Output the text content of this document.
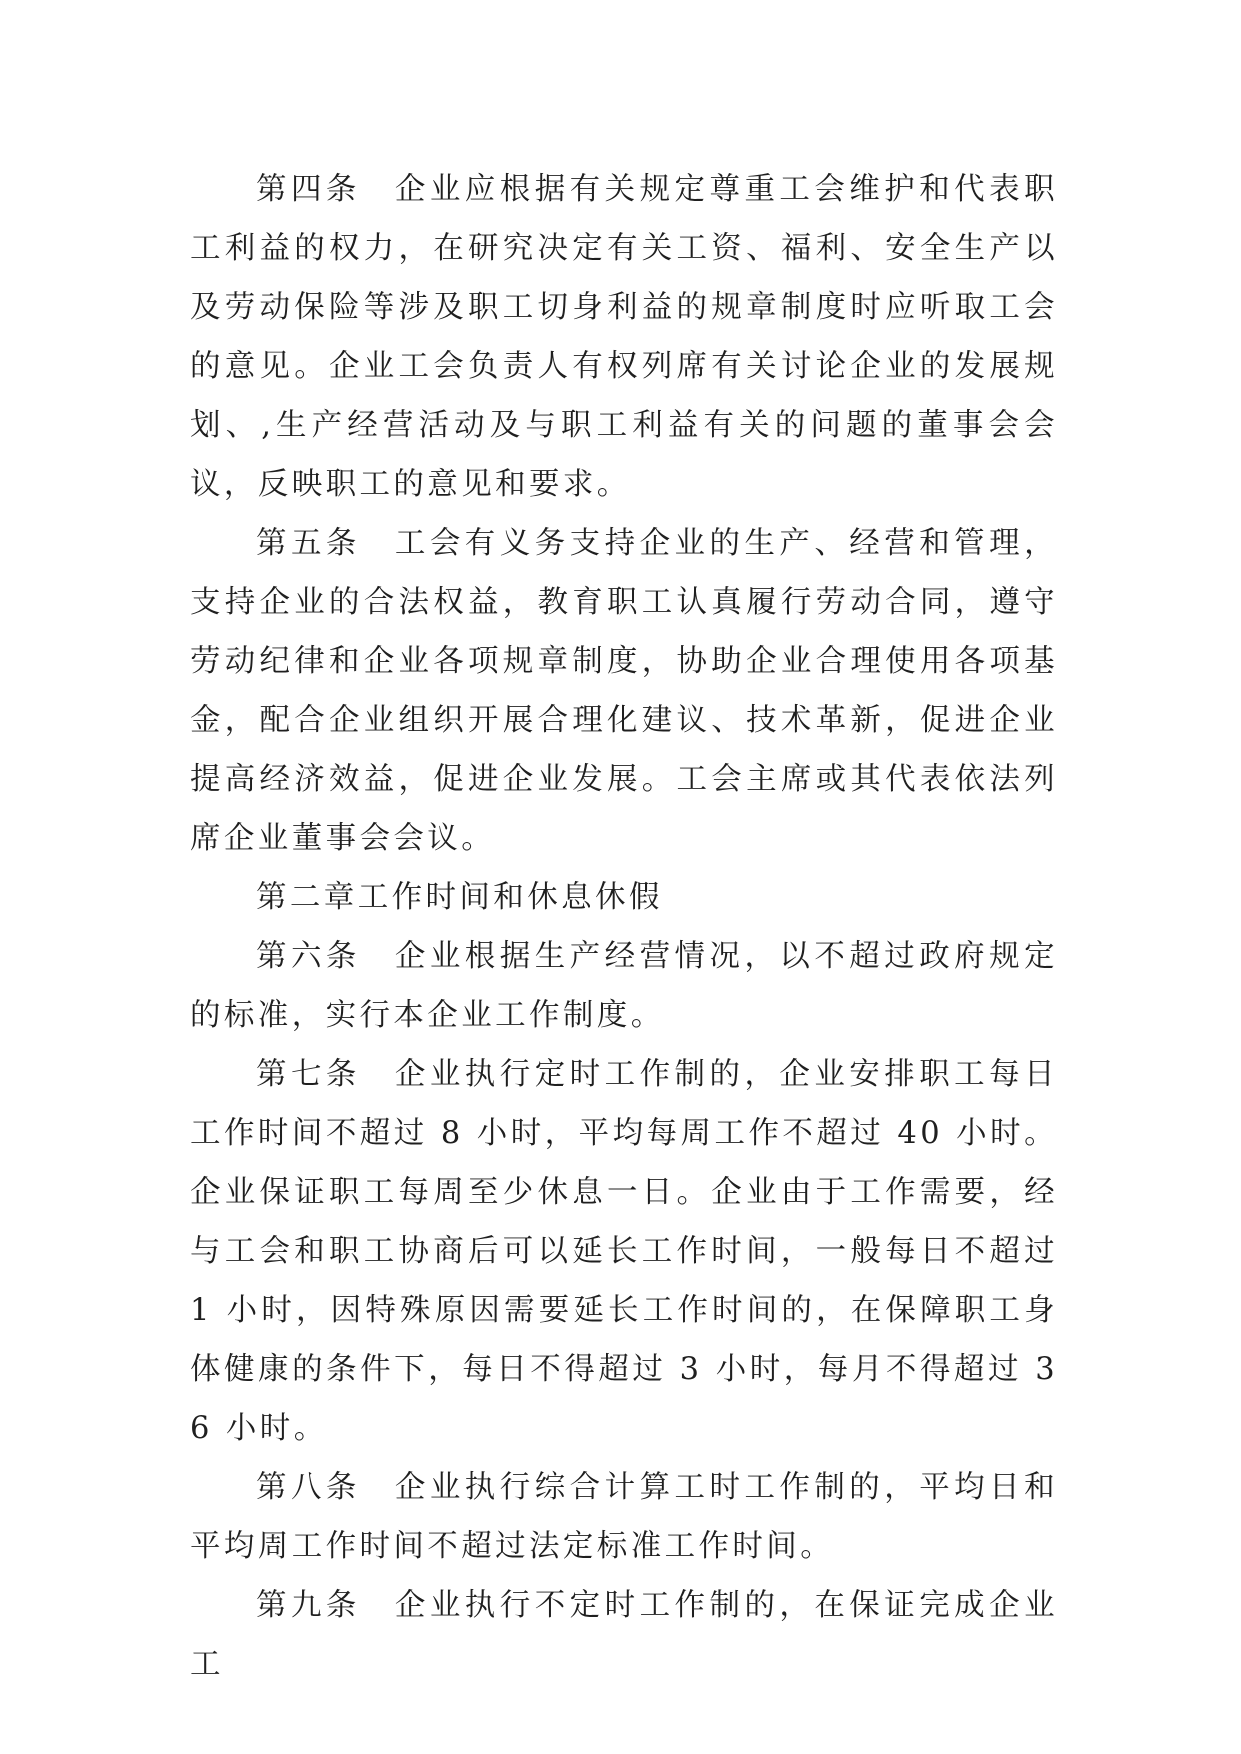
第四条 企业应根据有关规定尊重工会维护和代表职工利益的权力，在研究决定有关工资、福利、安全生产以及劳动保险等涉及职工切身利益的规章制度时应听取工会的意见。企业工会负责人有权列席有关讨论企业的发展规划、,生产经营活动及与职工利益有关的问题的董事会会议，反映职工的意见和要求。

第五条 工会有义务支持企业的生产、经营和管理，支持企业的合法权益，教育职工认真履行劳动合同，遵守劳动纪律和企业各项规章制度，协助企业合理使用各项基金，配合企业组织开展合理化建议、技术革新，促进企业提高经济效益，促进企业发展。工会主席或其代表依法列席企业董事会会议。

第二章工作时间和休息休假

第六条 企业根据生产经营情况，以不超过政府规定的标准，实行本企业工作制度。

第七条 企业执行定时工作制的，企业安排职工每日工作时间不超过 8 小时，平均每周工作不超过 40 小时。企业保证职工每周至少休息一日。企业由于工作需要，经与工会和职工协商后可以延长工作时间，一般每日不超过 1 小时，因特殊原因需要延长工作时间的，在保障职工身体健康的条件下，每日不得超过 3 小时，每月不得超过 36 小时。

第八条 企业执行综合计算工时工作制的，平均日和平均周工作时间不超过法定标准工作时间。

第九条 企业执行不定时工作制的，在保证完成企业工
